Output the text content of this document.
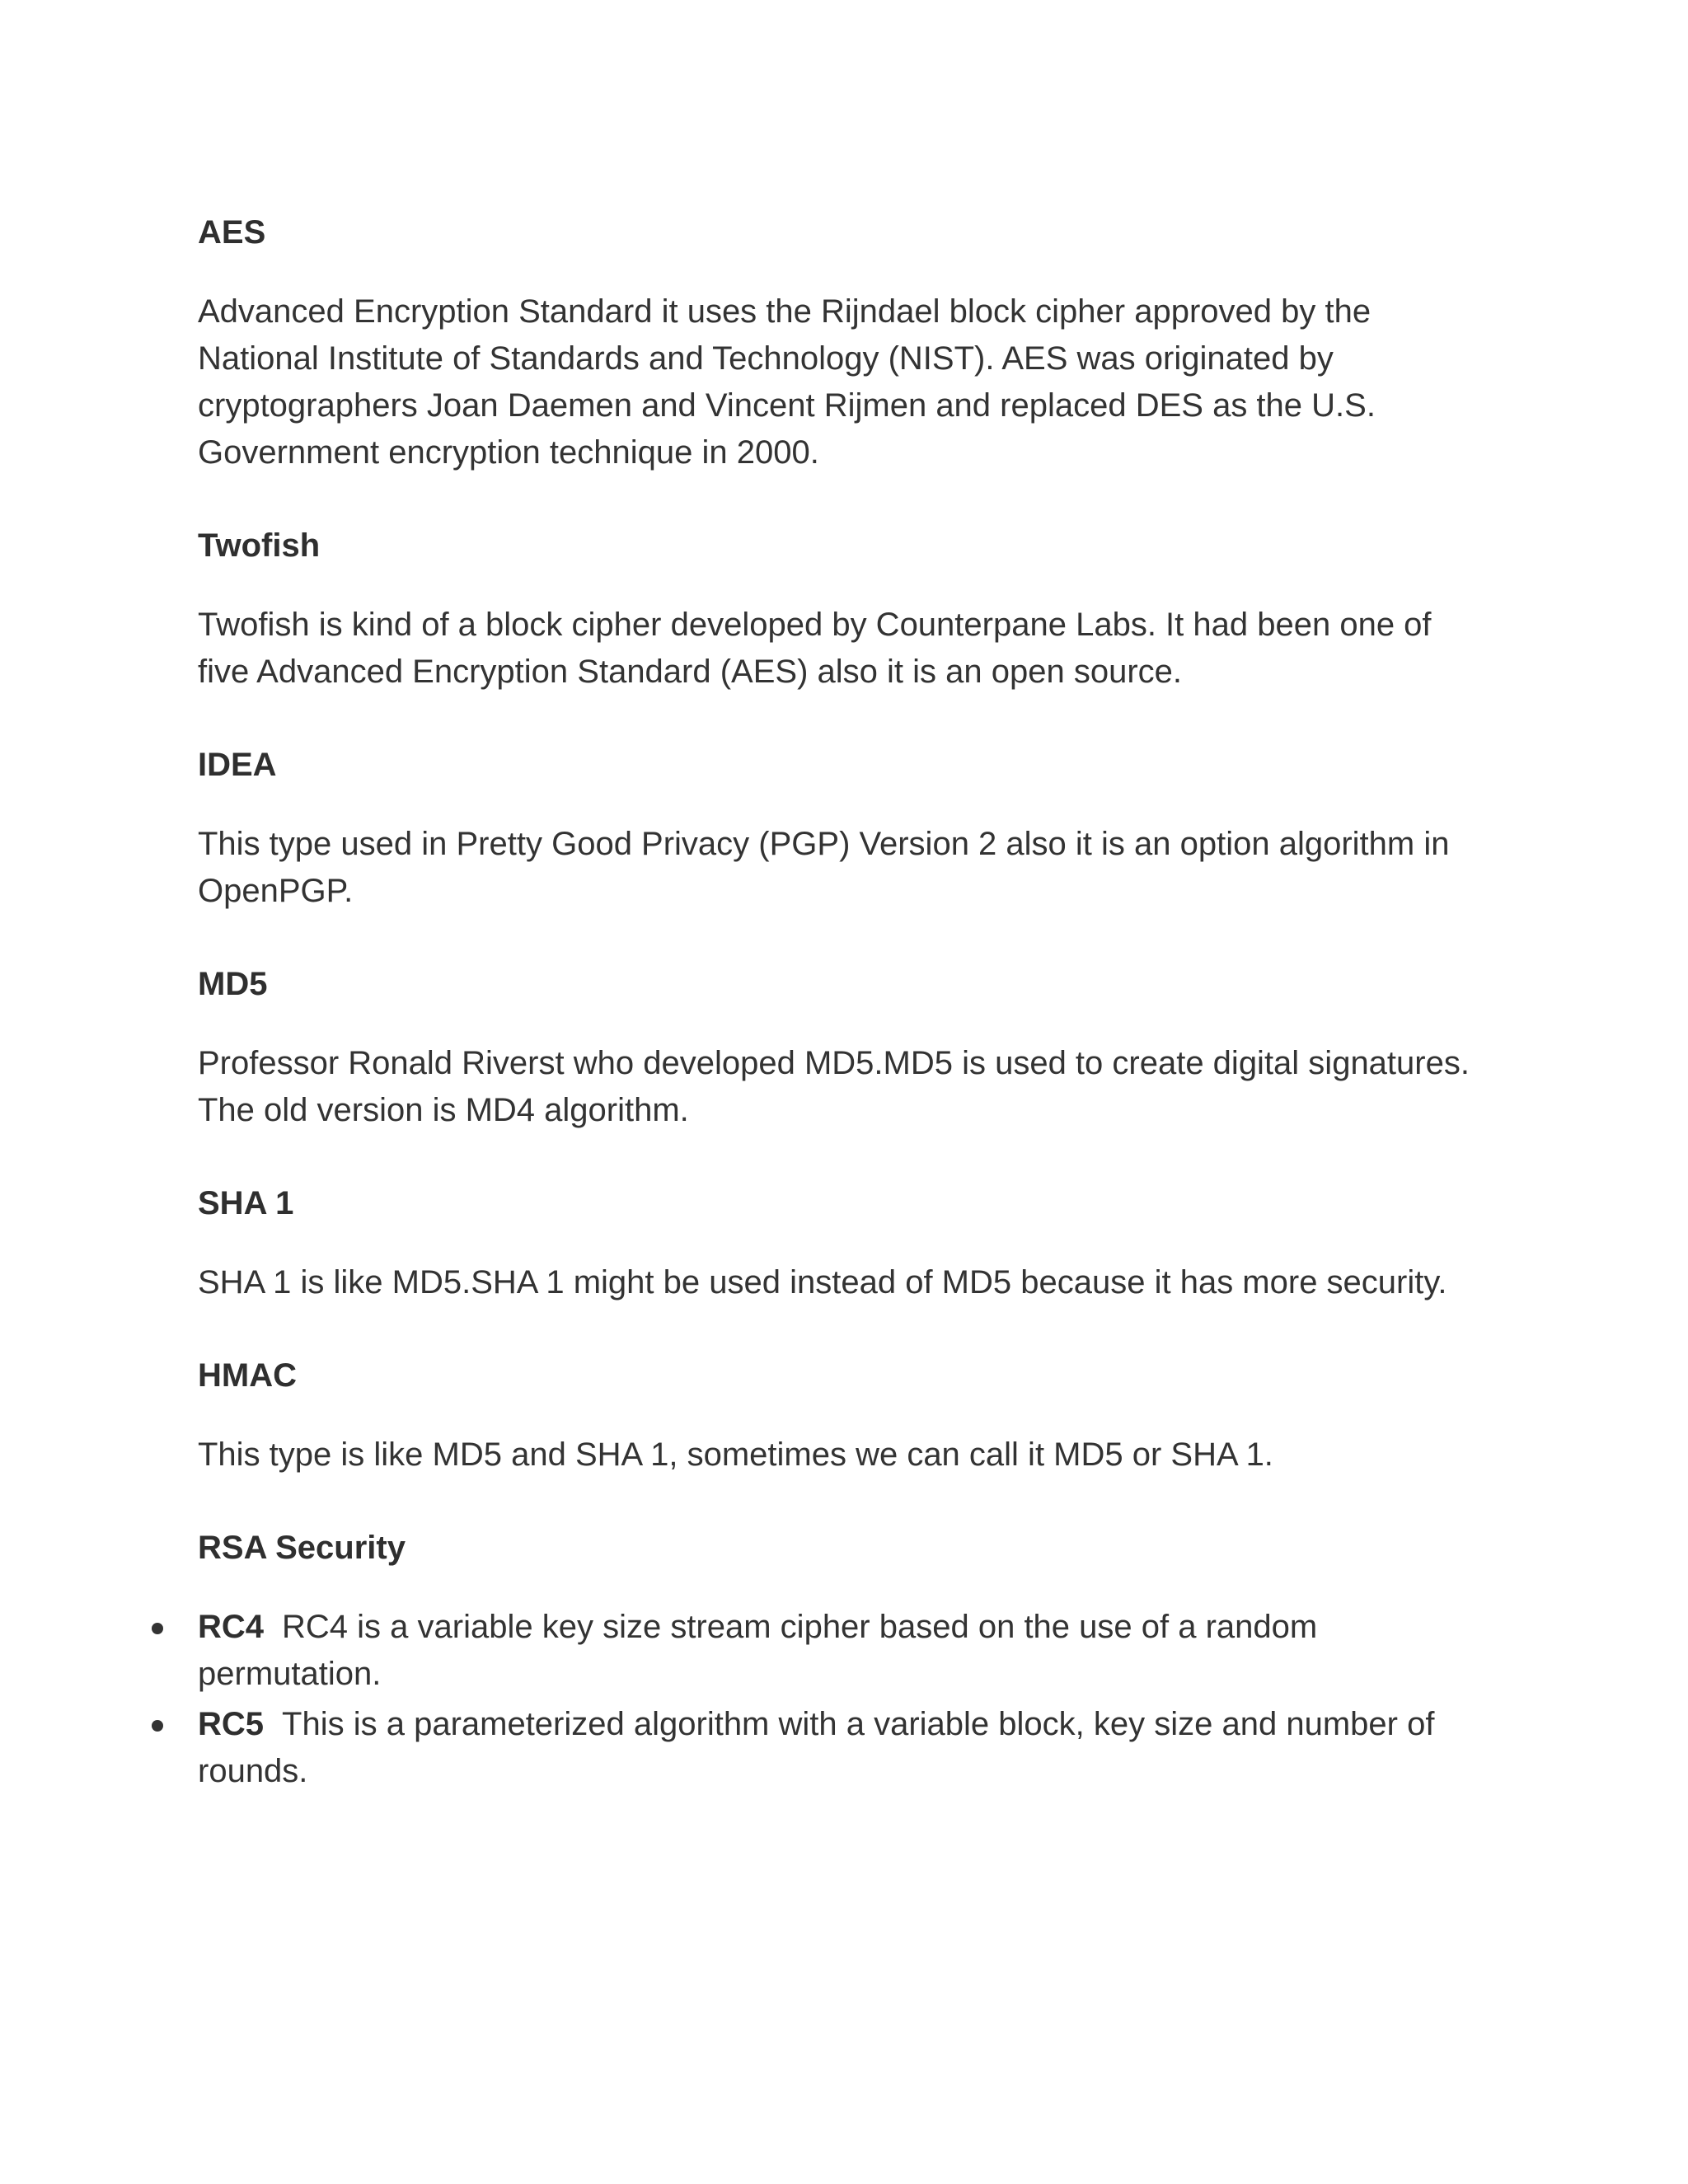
AES

Advanced Encryption Standard it uses the Rijndael block cipher approved by the National Institute of Standards and Technology (NIST). AES was originated by cryptographers Joan Daemen and Vincent Rijmen and replaced DES as the U.S. Government encryption technique in 2000.

Twofish

Twofish is kind of a block cipher developed by Counterpane Labs. It had been one of five Advanced Encryption Standard (AES) also it is an open source.

IDEA

This type used in Pretty Good Privacy (PGP) Version 2 also it is an option algorithm in OpenPGP.

MD5

Professor Ronald Riverst who developed MD5.MD5 is used to create digital signatures. The old version is MD4 algorithm.

SHA 1

SHA 1 is like MD5.SHA 1 might be used instead of MD5 because it has more security.

HMAC

This type is like MD5 and SHA 1, sometimes we can call it MD5 or SHA 1.

RSA Security
RC4 RC4 is a variable key size stream cipher based on the use of a random permutation.
RC5 This is a parameterized algorithm with a variable block, key size and number of rounds.
